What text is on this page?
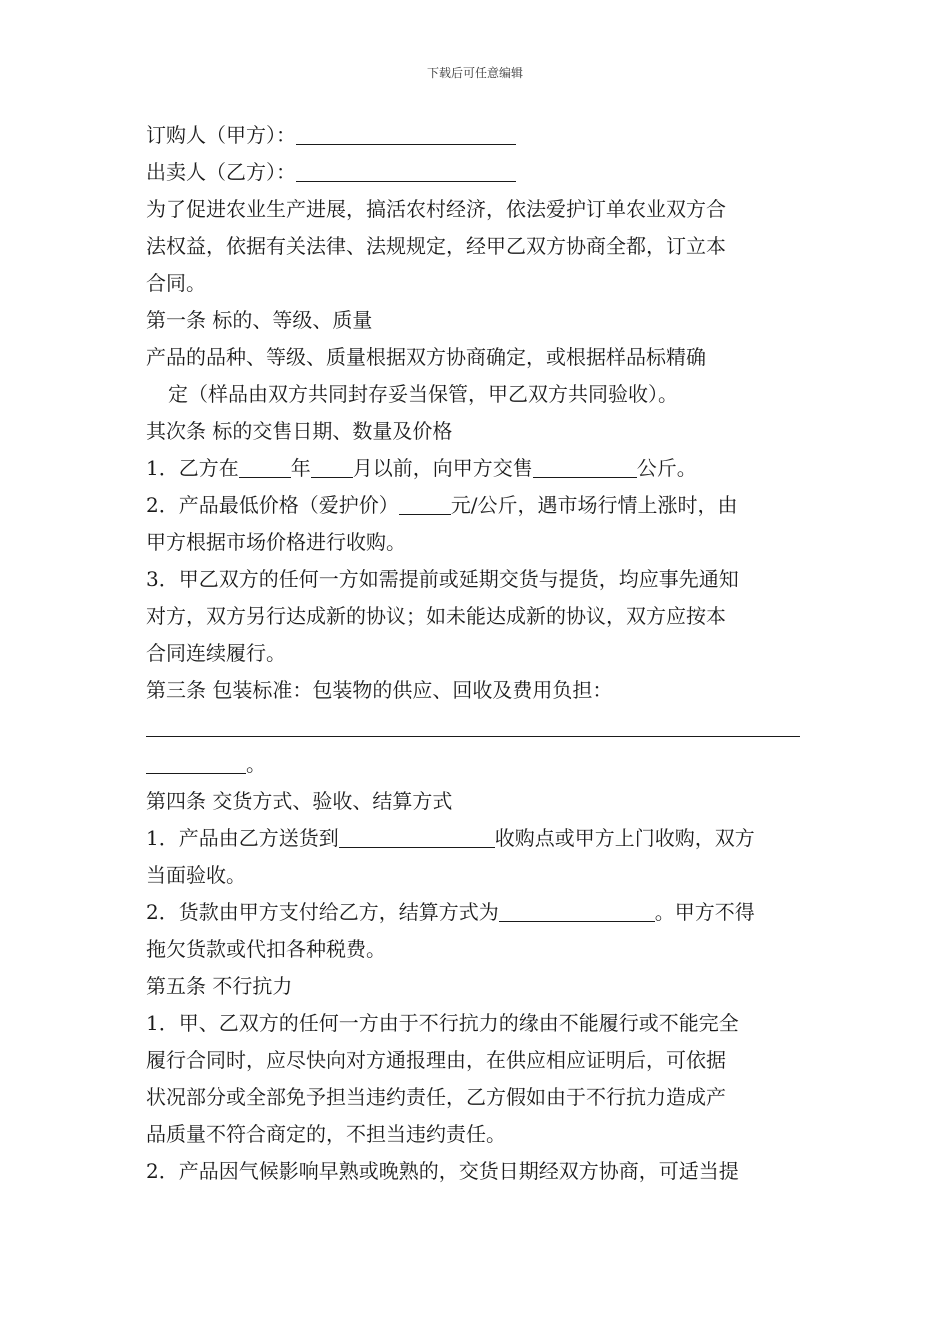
下载后可任意编辑
订购人（甲方）：
出卖人（乙方）：
为了促进农业生产进展，搞活农村经济，依法爱护订单农业双方合
法权益，依据有关法律、法规规定，经甲乙双方协商全都，订立本
合同。
第一条 标的、等级、质量
产品的品种、等级、质量根据双方协商确定，或根据样品标精确
定（样品由双方共同封存妥当保管，甲乙双方共同验收）。
其次条 标的交售日期、数量及价格
1．乙方在	年 月以前，向甲方交售	公斤。
2．产品最低价格（爱护价）	元/公斤，遇市场行情上涨时，由
甲方根据市场价格进行收购。
3．甲乙双方的任何一方如需提前或延期交货与提货，均应事先通知
对方，双方另行达成新的协议；如未能达成新的协议，双方应按本
合同连续履行。
第三条 包装标准：包装物的供应、回收及费用负担：
。
第四条 交货方式、验收、结算方式
1．产品由乙方送货到	收购点或甲方上门收购，双方
当面验收。
2．货款由甲方支付给乙方，结算方式为	。甲方不得
拖欠货款或代扣各种税费。
第五条 不行抗力
1．甲、乙双方的任何一方由于不行抗力的缘由不能履行或不能完全
履行合同时，应尽快向对方通报理由，在供应相应证明后，可依据
状况部分或全部免予担当违约责任，乙方假如由于不行抗力造成产
品质量不符合商定的，不担当违约责任。
2．产品因气候影响早熟或晚熟的，交货日期经双方协商，可适当提
